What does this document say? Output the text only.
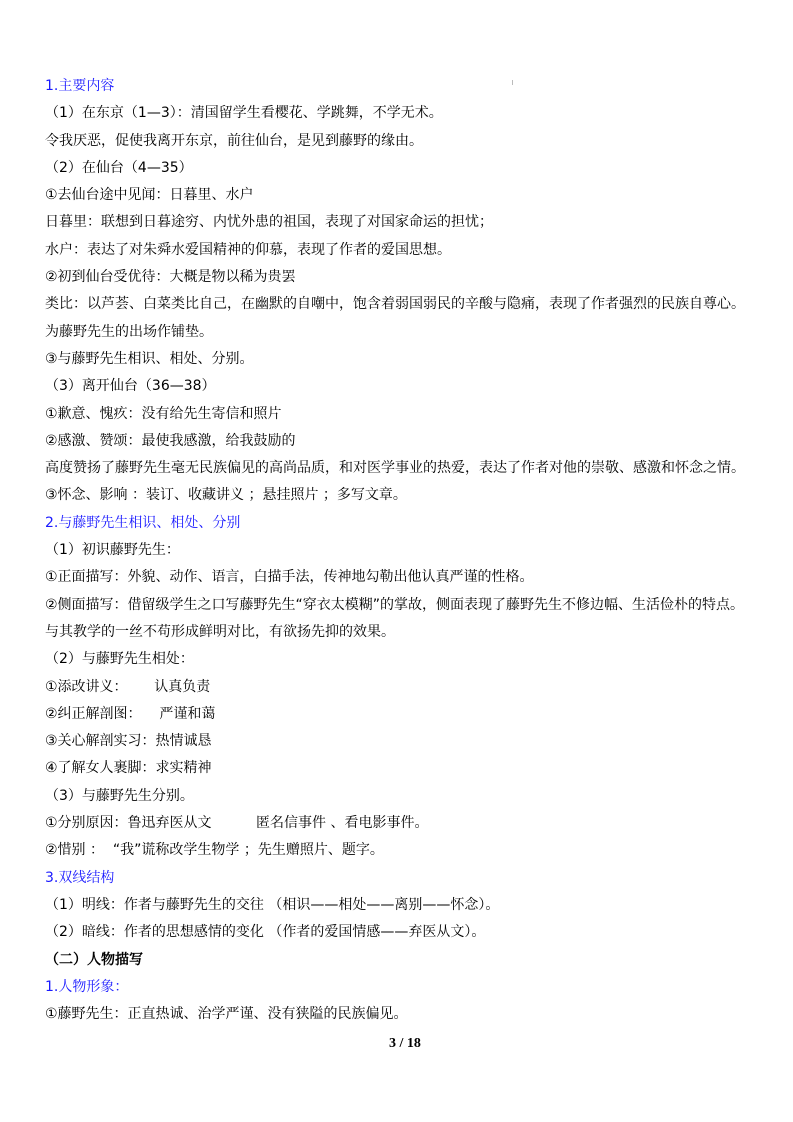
1.主要内容
（1）在东京（1—3）：清国留学生看樱花、学跳舞，不学无术。
令我厌恶，促使我离开东京，前往仙台，是见到藤野的缘由。
（2）在仙台（4—35）
①去仙台途中见闻：日暮里、水户
日暮里：联想到日暮途穷、内忧外患的祖国，表现了对国家命运的担忧；
水户：表达了对朱舜水爱国精神的仰慕，表现了作者的爱国思想。
②初到仙台受优待：大概是物以稀为贵罢
类比：以芦荟、白菜类比自己，在幽默的自嘲中，饱含着弱国弱民的辛酸与隐痛，表现了作者强烈的民族自尊心。
为藤野先生的出场作铺垫。
③与藤野先生相识、相处、分别。
（3）离开仙台（36—38）
①歉意、愧疚：没有给先生寄信和照片
②感激、赞颂：最使我感激，给我鼓励的
高度赞扬了藤野先生毫无民族偏见的高尚品质，和对医学事业的热爱，表达了作者对他的崇敬、感激和怀念之情。
③怀念、影响 ：装订、收藏讲义 ；悬挂照片 ；多写文章。
2.与藤野先生相识、相处、分别
（1）初识藤野先生：
①正面描写：外貌、动作、语言，白描手法，传神地勾勒出他认真严谨的性格。
②侧面描写：借留级学生之口写藤野先生“穿衣太模糊”的掌故，侧面表现了藤野先生不修边幅、生活俭朴的特点。
与其教学的一丝不苟形成鲜明对比，有欲扬先抑的效果。
（2）与藤野先生相处：
①添改讲义：      认真负责
②纠正解剖图：    严谨和蔼
③关心解剖实习：热情诚恳
④了解女人裹脚：求实精神
（3）与藤野先生分别。
①分别原因：鲁迅弃医从文          匿名信事件 、看电影事件。
②惜别 ：  “我”谎称改学生物学 ；先生赠照片、题字。
3.双线结构
（1）明线：作者与藤野先生的交往 （相识——相处——离别——怀念）。
（2）暗线：作者的思想感情的变化 （作者的爱国情感——弃医从文）。
（二）人物描写
1.人物形象：
①藤野先生：正直热诚、治学严谨、没有狭隘的民族偏见。
3 / 18
